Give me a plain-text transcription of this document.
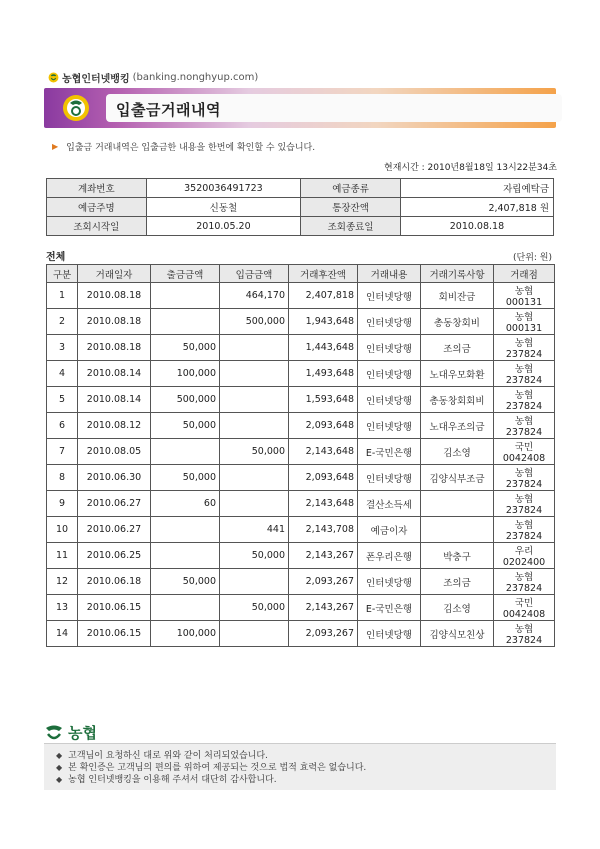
농협인터넷뱅킹 (banking.nonghyup.com)
입출금거래내역
▶ 입출금 거래내역은 입출금한 내용을 한번에 확인할 수 있습니다.
현재시간 : 2010년8월18일 13시22분34초
계좌번호	3520036491723	예금종류	자립예탁금
예금주명	신동철	통장잔액	2,407,818 원
조회시작일	2010.05.20	조회종료일	2010.08.18
전체	(단위: 원)
구분	거래일자	출금금액	입금금액	거래후잔액	거래내용	거래기록사항	거래점
1	2010.08.18		464,170	2,407,818	인터넷당행	회비잔금	농협000131
2	2010.08.18		500,000	1,943,648	인터넷당행	총동창회비	농협000131
3	2010.08.18	50,000		1,443,648	인터넷당행	조의금	농협237824
4	2010.08.14	100,000		1,493,648	인터넷당행	노대우모화환	농협237824
5	2010.08.14	500,000		1,593,648	인터넷당행	총동창회회비	농협237824
6	2010.08.12	50,000		2,093,648	인터넷당행	노대우조의금	농협237824
7	2010.08.05		50,000	2,143,648	E-국민은행	김소영	국민0042408
8	2010.06.30	50,000		2,093,648	인터넷당행	김양식부조금	농협237824
9	2010.06.27	60		2,143,648	결산소득세		농협237824
10	2010.06.27		441	2,143,708	예금이자		농협237824
11	2010.06.25		50,000	2,143,267	폰우리은행	박충구	우리0202400
12	2010.06.18	50,000		2,093,267	인터넷당행	조의금	농협237824
13	2010.06.15		50,000	2,143,267	E-국민은행	김소영	국민0042408
14	2010.06.15	100,000		2,093,267	인터넷당행	김양식모친상	농협237824
농협
◆ 고객님이 요청하신 대로 위와 같이 처리되었습니다.
◆ 본 확인증은 고객님의 편의를 위하여 제공되는 것으로 법적 효력은 없습니다.
◆ 농협 인터넷뱅킹을 이용해 주셔서 대단히 감사합니다.
